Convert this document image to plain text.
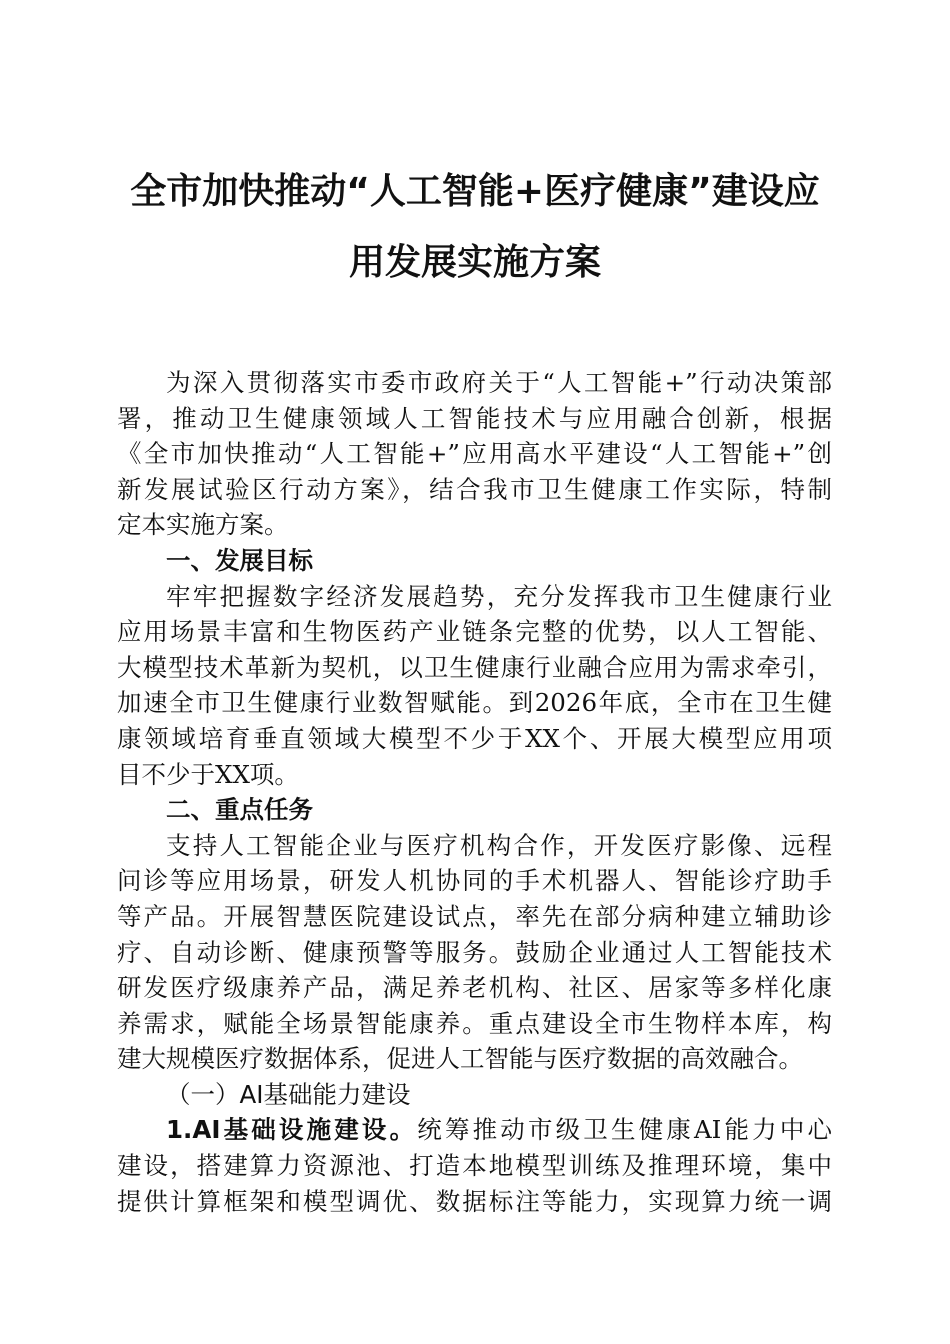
全市加快推动“人工智能+医疗健康”建设应
用发展实施方案
为深入贯彻落实市委市政府关于“人工智能+”行动决策部
署，推动卫生健康领域人工智能技术与应用融合创新，根据
《全市加快推动“人工智能+”应用高水平建设“人工智能+”创
新发展试验区行动方案》，结合我市卫生健康工作实际，特制
定本实施方案。
一、发展目标
牢牢把握数字经济发展趋势，充分发挥我市卫生健康行业
应用场景丰富和生物医药产业链条完整的优势，以人工智能、
大模型技术革新为契机，以卫生健康行业融合应用为需求牵引，
加速全市卫生健康行业数智赋能。到2026年底，全市在卫生健
康领域培育垂直领域大模型不少于XX个、开展大模型应用项
目不少于XX项。
二、重点任务
支持人工智能企业与医疗机构合作，开发医疗影像、远程
问诊等应用场景，研发人机协同的手术机器人、智能诊疗助手
等产品。开展智慧医院建设试点，率先在部分病种建立辅助诊
疗、自动诊断、健康预警等服务。鼓励企业通过人工智能技术
研发医疗级康养产品，满足养老机构、社区、居家等多样化康
养需求，赋能全场景智能康养。重点建设全市生物样本库，构
建大规模医疗数据体系，促进人工智能与医疗数据的高效融合。
（一）AI基础能力建设
1.AI基础设施建设。统筹推动市级卫生健康AI能力中心
建设，搭建算力资源池、打造本地模型训练及推理环境，集中
提供计算框架和模型调优、数据标注等能力，实现算力统一调
